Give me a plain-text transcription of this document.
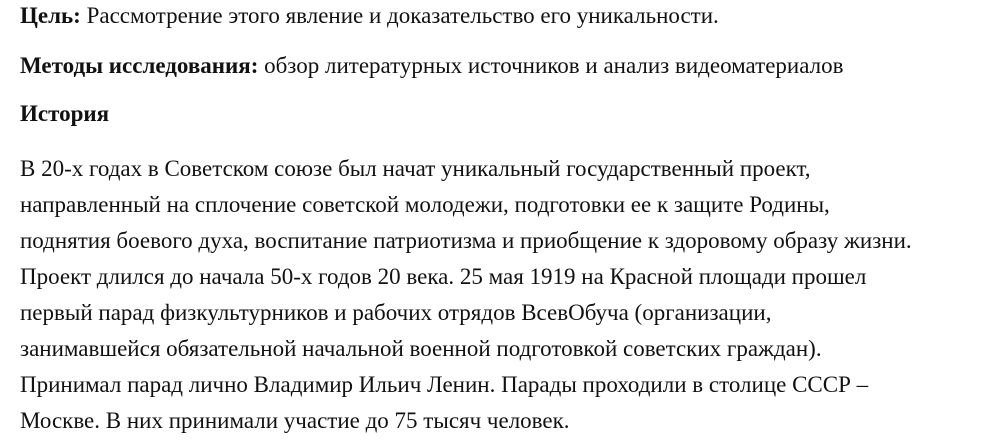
Цель: Рассмотрение этого явление и доказательство его уникальности.
Методы исследования: обзор литературных источников и анализ видеоматериалов
История
В 20-х годах в Советском союзе был начат уникальный государственный проект,
направленный на сплочение советской молодежи, подготовки ее к защите Родины,
поднятия боевого духа, воспитание патриотизма и приобщение к здоровому образу жизни.
Проект длился до начала 50-х годов 20 века. 25 мая 1919 на Красной площади прошел
первый парад физкультурников и рабочих отрядов ВсевОбуча (организации,
занимавшейся обязательной начальной военной подготовкой советских граждан).
Принимал парад лично Владимир Ильич Ленин. Парады проходили в столице СССР –
Москве. В них принимали участие до 75 тысяч человек.
